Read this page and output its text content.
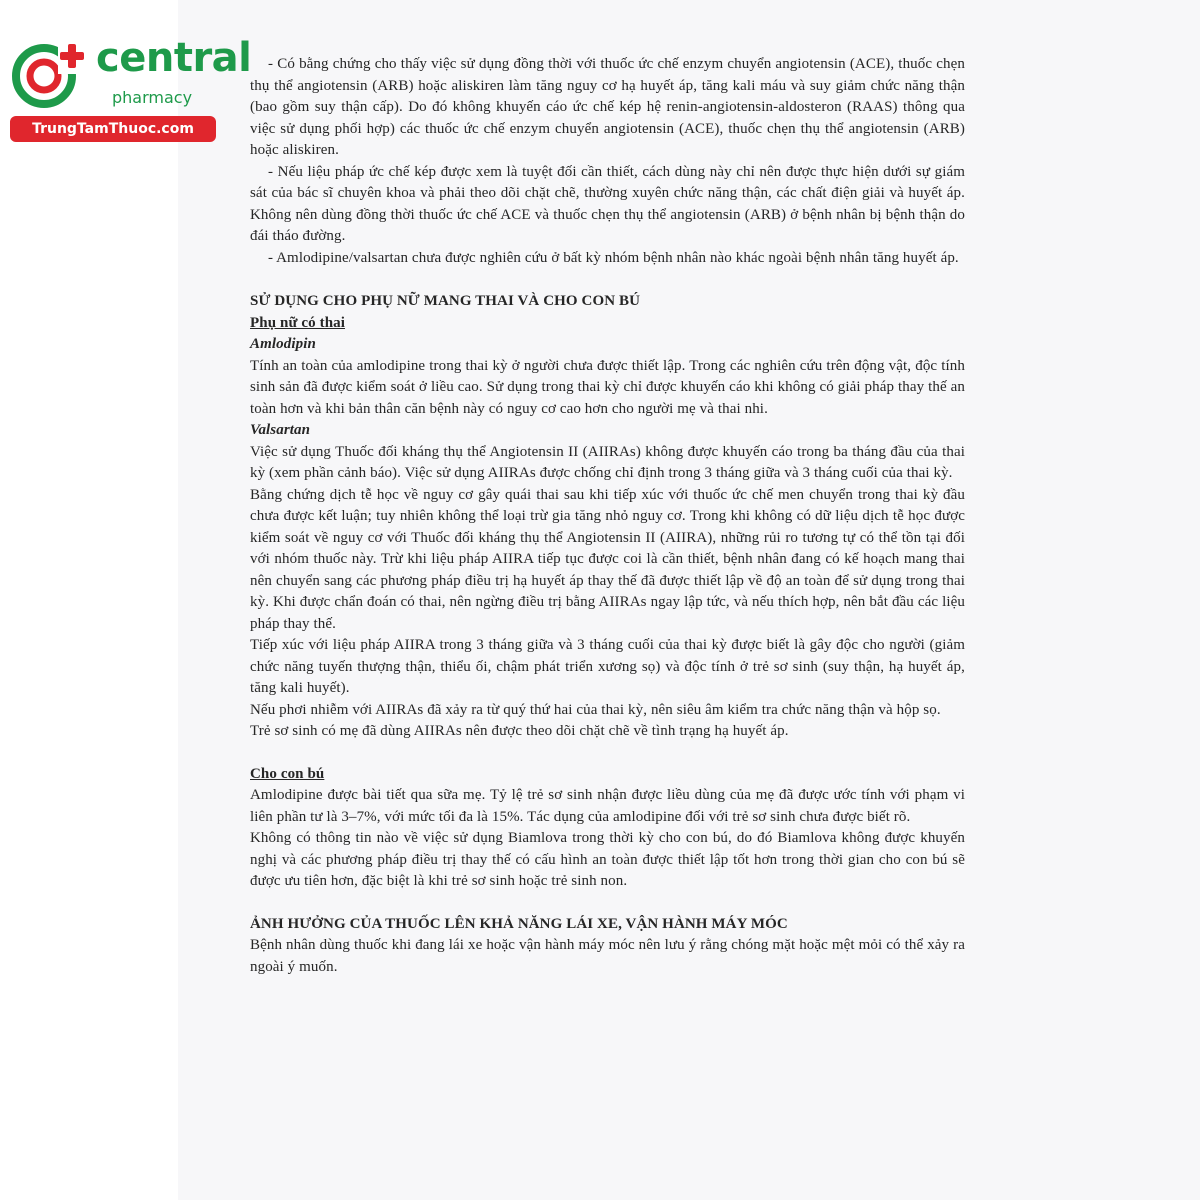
central
pharmacy
TrungTamThuoc.com

- Có bằng chứng cho thấy việc sử dụng đồng thời với thuốc ức chế enzym chuyển angiotensin (ACE), thuốc chẹn thụ thể angiotensin (ARB) hoặc aliskiren làm tăng nguy cơ hạ huyết áp, tăng kali máu và suy giảm chức năng thận (bao gồm suy thận cấp). Do đó không khuyến cáo ức chế kép hệ renin-angiotensin-aldosteron (RAAS) thông qua việc sử dụng phối hợp) các thuốc ức chế enzym chuyển angiotensin (ACE), thuốc chẹn thụ thể angiotensin (ARB) hoặc aliskiren.

- Nếu liệu pháp ức chế kép được xem là tuyệt đối cần thiết, cách dùng này chỉ nên được thực hiện dưới sự giám sát của bác sĩ chuyên khoa và phải theo dõi chặt chẽ, thường xuyên chức năng thận, các chất điện giải và huyết áp. Không nên dùng đồng thời thuốc ức chế ACE và thuốc chẹn thụ thể angiotensin (ARB) ở bệnh nhân bị bệnh thận do đái tháo đường.

- Amlodipine/valsartan chưa được nghiên cứu ở bất kỳ nhóm bệnh nhân nào khác ngoài bệnh nhân tăng huyết áp.

SỬ DỤNG CHO PHỤ NỮ MANG THAI VÀ CHO CON BÚ

Phụ nữ có thai

Amlodipin

Tính an toàn của amlodipine trong thai kỳ ở người chưa được thiết lập. Trong các nghiên cứu trên động vật, độc tính sinh sản đã được kiểm soát ở liều cao. Sử dụng trong thai kỳ chỉ được khuyến cáo khi không có giải pháp thay thế an toàn hơn và khi bản thân căn bệnh này có nguy cơ cao hơn cho người mẹ và thai nhi.

Valsartan

Việc sử dụng Thuốc đối kháng thụ thể Angiotensin II (AIIRAs) không được khuyến cáo trong ba tháng đầu của thai kỳ (xem phần cảnh báo). Việc sử dụng AIIRAs được chống chỉ định trong 3 tháng giữa và 3 tháng cuối của thai kỳ.

Bằng chứng dịch tễ học về nguy cơ gây quái thai sau khi tiếp xúc với thuốc ức chế men chuyển trong thai kỳ đầu chưa được kết luận; tuy nhiên không thể loại trừ gia tăng nhỏ nguy cơ. Trong khi không có dữ liệu dịch tễ học được kiểm soát về nguy cơ với Thuốc đối kháng thụ thể Angiotensin II (AIIRA), những rủi ro tương tự có thể tồn tại đối với nhóm thuốc này. Trừ khi liệu pháp AIIRA tiếp tục được coi là cần thiết, bệnh nhân đang có kế hoạch mang thai nên chuyển sang các phương pháp điều trị hạ huyết áp thay thế đã được thiết lập về độ an toàn để sử dụng trong thai kỳ. Khi được chẩn đoán có thai, nên ngừng điều trị bằng AIIRAs ngay lập tức, và nếu thích hợp, nên bắt đầu các liệu pháp thay thế.

Tiếp xúc với liệu pháp AIIRA trong 3 tháng giữa và 3 tháng cuối của thai kỳ được biết là gây độc cho người (giảm chức năng tuyến thượng thận, thiểu ối, chậm phát triển xương sọ) và độc tính ở trẻ sơ sinh (suy thận, hạ huyết áp, tăng kali huyết).

Nếu phơi nhiễm với AIIRAs đã xảy ra từ quý thứ hai của thai kỳ, nên siêu âm kiểm tra chức năng thận và hộp sọ.

Trẻ sơ sinh có mẹ đã dùng AIIRAs nên được theo dõi chặt chẽ về tình trạng hạ huyết áp.

Cho con bú

Amlodipine được bài tiết qua sữa mẹ. Tỷ lệ trẻ sơ sinh nhận được liều dùng của mẹ đã được ước tính với phạm vi liên phần tư là 3–7%, với mức tối đa là 15%. Tác dụng của amlodipine đối với trẻ sơ sinh chưa được biết rõ.

Không có thông tin nào về việc sử dụng Biamlova trong thời kỳ cho con bú, do đó Biamlova không được khuyến nghị và các phương pháp điều trị thay thế có cấu hình an toàn được thiết lập tốt hơn trong thời gian cho con bú sẽ được ưu tiên hơn, đặc biệt là khi trẻ sơ sinh hoặc trẻ sinh non.

ẢNH HƯỞNG CỦA THUỐC LÊN KHẢ NĂNG LÁI XE, VẬN HÀNH MÁY MÓC

Bệnh nhân dùng thuốc khi đang lái xe hoặc vận hành máy móc nên lưu ý rằng chóng mặt hoặc mệt mỏi có thể xảy ra ngoài ý muốn.
